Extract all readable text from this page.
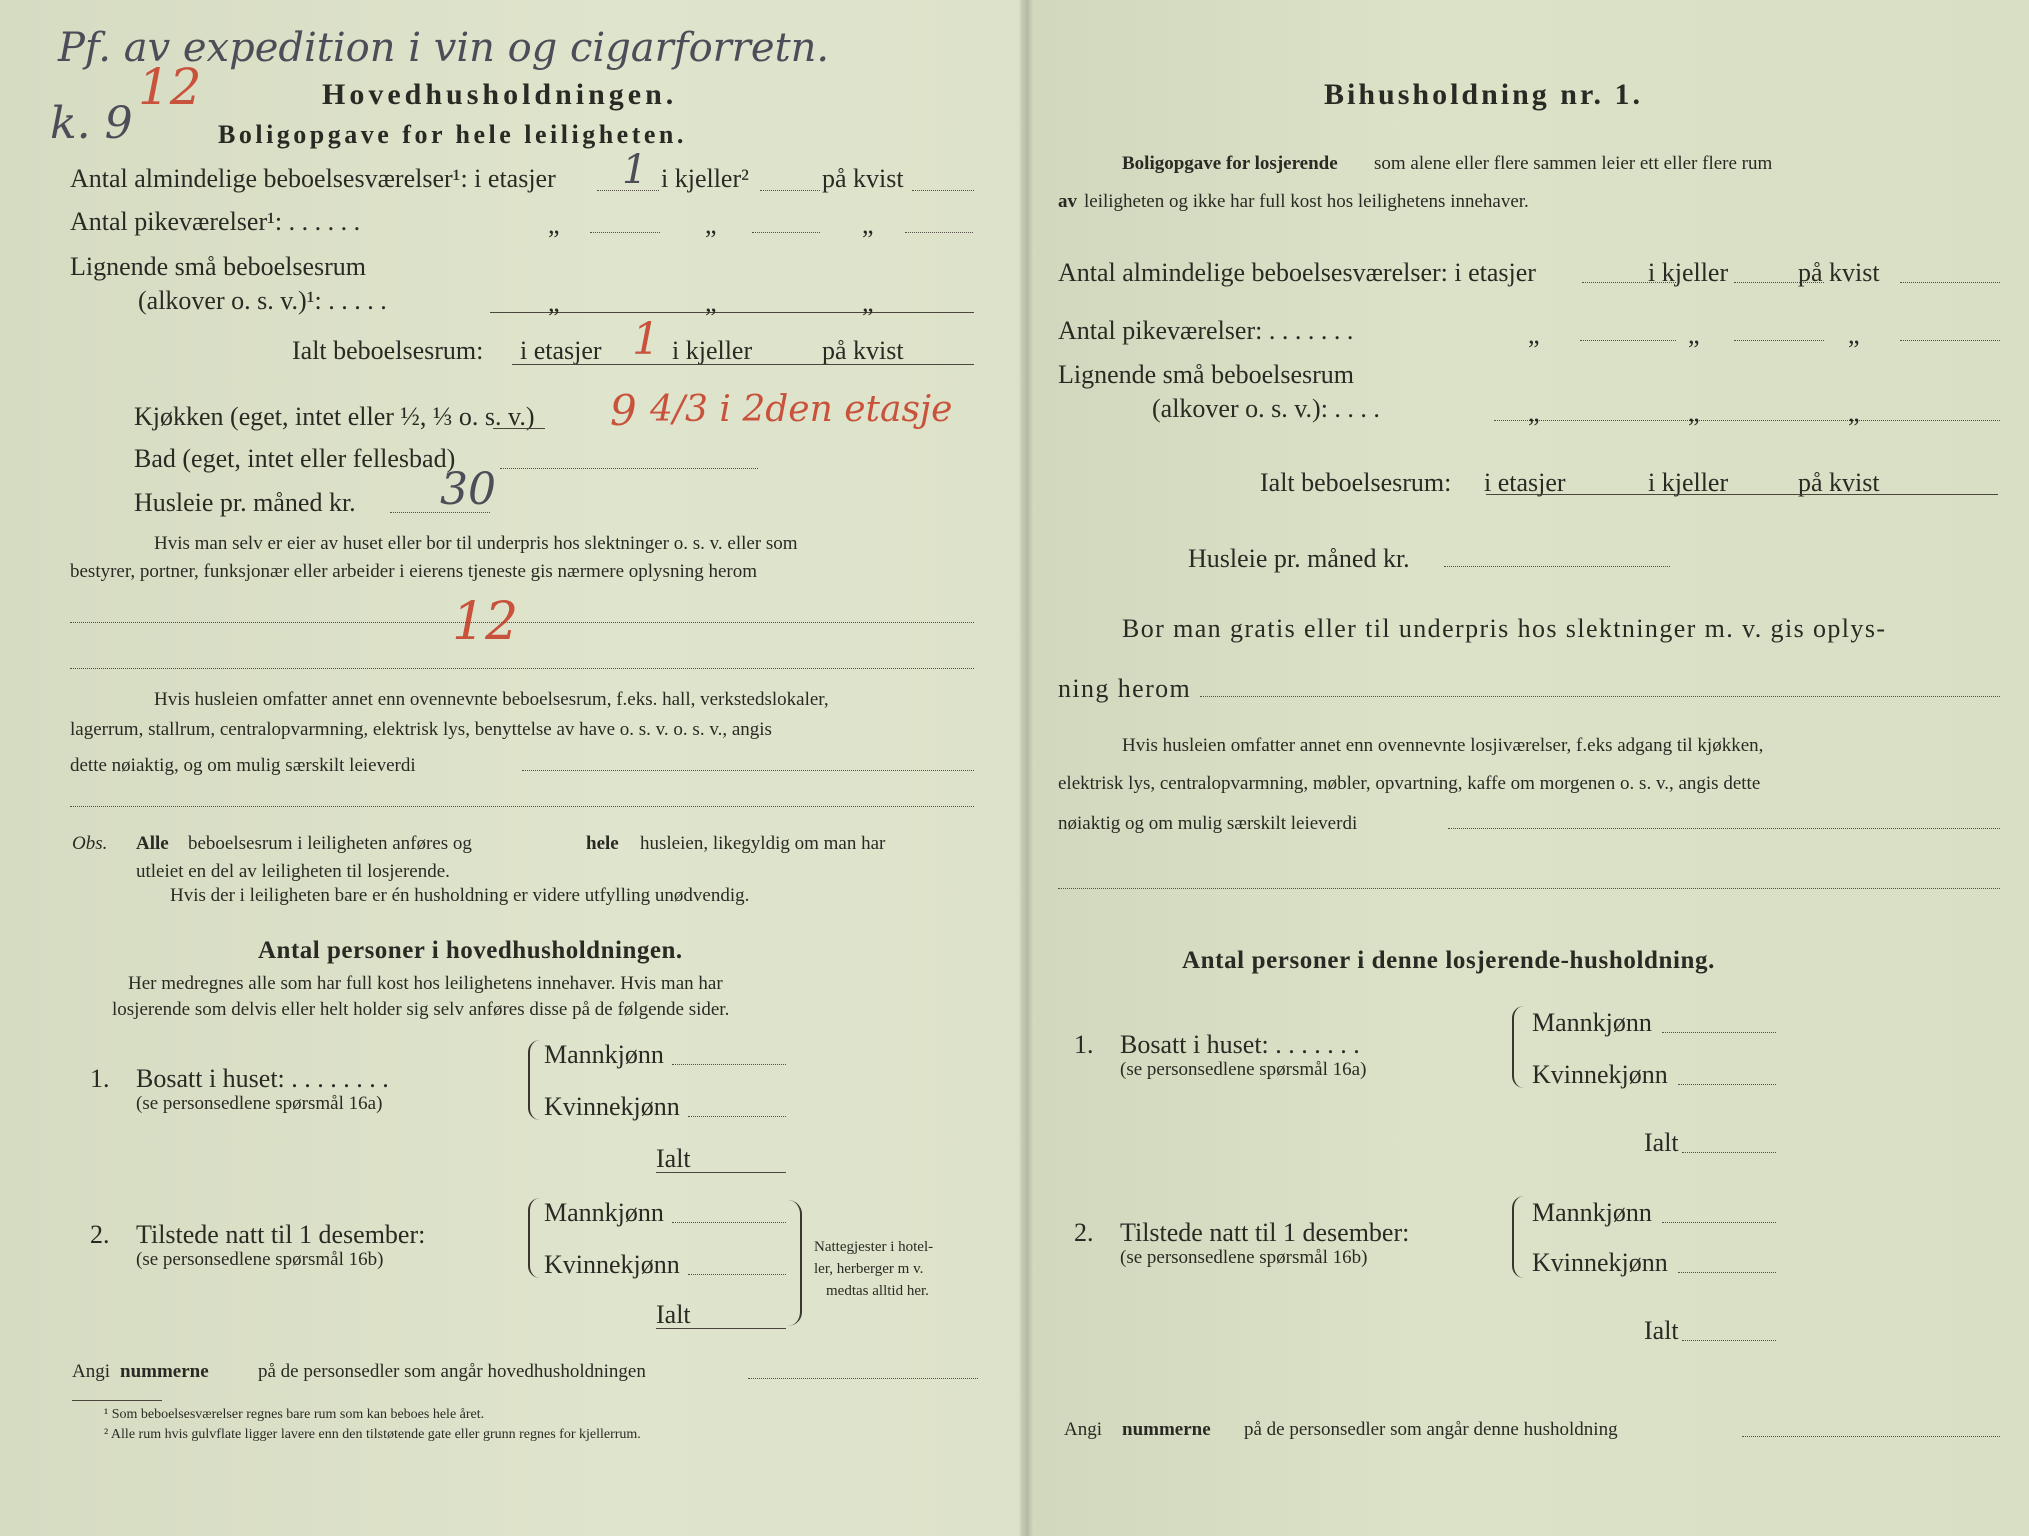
Pf. av expedition i vin og cigarforretn.
12
k. 9
Hovedhusholdningen.
Boligopgave for hele leiligheten.
Antal almindelige beboelsesværelser¹: i etasjer 1 i kjeller²	på kvist
Antal pikeværelser¹: . . . . . .	„	„	„
Lignende små beboelsesrum
(alkover o. s. v.)¹: . . . . .	„	„	„
Ialt beboelsesrum: i etasjer 1 i kjeller	på kvist
Kjøkken (eget, intet eller ½, ⅓ o. s. v.) 9 4/3 i 2den etasje
Bad (eget, intet eller fellesbad)
Husleie pr. måned kr. 30
Hvis man selv er eier av huset eller bor til underpris hos slektninger o. s. v. eller som
bestyrer, portner, funksjonær eller arbeider i eierens tjeneste gis nærmere oplysning herom
12
Hvis husleien omfatter annet enn ovennevnte beboelsesrum, f.eks. hall, verkstedslokaler,
lagerrum, stallrum, centralopvarmning, elektrisk lys, benyttelse av have o. s. v. o. s. v., angis
dette nøiaktig, og om mulig særskilt leieverdi
Obs. Alle beboelsesrum i leiligheten anføres og	hele husleien, likegyldig om man har
utleiet en del av leiligheten til losjerende.
Hvis der i leiligheten bare er én husholdning er videre utfylling unødvendig.
Antal personer i hovedhusholdningen.
Her medregnes alle som har full kost hos leilighetens innehaver. Hvis man har
losjerende som delvis eller helt holder sig selv anføres disse på de følgende sider.
1. Bosatt i huset: . . . . . . . .
(se personsedlene spørsmål 16a)
Mannkjønn
Kvinnekjønn
Ialt
2. Tilstede natt til 1 desember:
(se personsedlene spørsmål 16b)
Mannkjønn
Kvinnekjønn
Ialt
Nattegjester i hotel-
ler, herberger m v.
medtas alltid her.
Angi nummerne	på de personsedler som angår hovedhusholdningen
¹ Som beboelsesværelser regnes bare rum som kan beboes hele året.
² Alle rum hvis gulvflate ligger lavere enn den tilstøtende gate eller grunn regnes for kjellerrum.
Bihusholdning nr. 1.
Boligopgave for losjerende som alene eller flere sammen leier ett eller flere rum
av leiligheten og ikke har full kost hos leilighetens innehaver.
Antal almindelige beboelsesværelser: i etasjer	i kjeller	på kvist
Antal pikeværelser: . . . . . . .	„	„	„
Lignende små beboelsesrum
(alkover o. s. v.): . . . .	„	„	„
Ialt beboelsesrum: i etasjer	i kjeller	på kvist
Husleie pr. måned kr.
Bor man gratis eller til underpris hos slektninger m. v. gis oplys-
ning herom
Hvis husleien omfatter annet enn ovennevnte losjiværelser, f.eks adgang til kjøkken,
elektrisk lys, centralopvarmning, møbler, opvartning, kaffe om morgenen o. s. v., angis dette
nøiaktig og om mulig særskilt leieverdi
Antal personer i denne losjerende-husholdning.
1. Bosatt i huset: . . . . . . .
(se personsedlene spørsmål 16a)
Mannkjønn
Kvinnekjønn
Ialt
2. Tilstede natt til 1 desember:
(se personsedlene spørsmål 16b)
Mannkjønn
Kvinnekjønn
Ialt
Angi nummerne på de personsedler som angår denne husholdning
